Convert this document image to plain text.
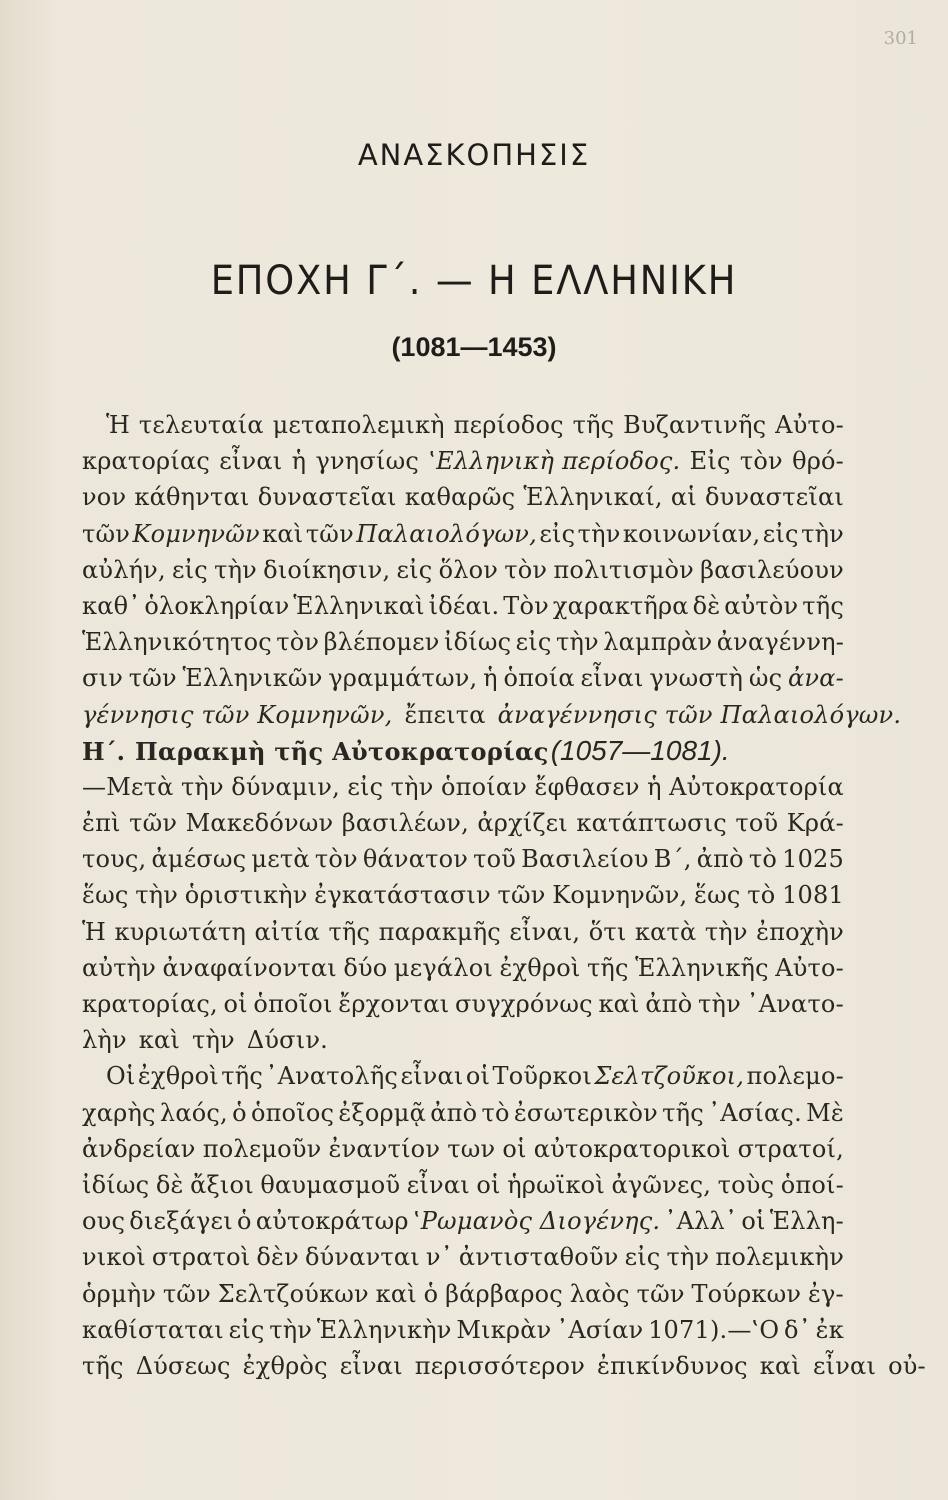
301
ΑΝΑΣΚΟΠΗΣΙΣ
ΕΠΟΧΗ Γ΄. — Η ΕΛΛΗΝΙΚΗ
(1081—1453)
Ἡ τελευταία μεταπολεμικὴ περίοδος τῆς Βυζαντινῆς Αὐτο-
κρατορίας εἶναι ἡ γνησίως ‛Ελληνικὴ περίοδος. Εἰς τὸν θρό-
νον κάθηνται δυναστεῖαι καθαρῶς Ἑλληνικαί, αἱ δυναστεῖαι
τῶν Κομνηνῶν καὶ τῶν Παλαιολόγων, εἰς τὴν κοινωνίαν, εἰς τὴν
αὐλήν, εἰς τὴν διοίκησιν, εἰς ὅλον τὸν πολιτισμὸν βασιλεύουν
καθ᾽ ὁλοκληρίαν Ἑλληνικαὶ ἰδέαι. Τὸν χαρακτῆρα δὲ αὐτὸν τῆς
Ἑλληνικότητος τὸν βλέπομεν ἰδίως εἰς τὴν λαμπρὰν ἀναγέννη-
σιν τῶν Ἑλληνικῶν γραμμάτων, ἡ ὁποία εἶναι γνωστὴ ὡς ἀνα-
γέννησις τῶν Κομνηνῶν, ἔπειτα ἀναγέννησις τῶν Παλαιολόγων.
Η΄. Παρακμὴ τῆς Αὐτοκρατορίας (1057—1081).
—Μετὰ τὴν δύναμιν, εἰς τὴν ὁποίαν ἔφθασεν ἡ Αὐτοκρατορία
ἐπὶ τῶν Μακεδόνων βασιλέων, ἀρχίζει κατάπτωσις τοῦ Κρά-
τους, ἀμέσως μετὰ τὸν θάνατον τοῦ Βασιλείου Β΄, ἀπὸ τὸ 1025
ἕως τὴν ὁριστικὴν ἐγκατάστασιν τῶν Κομνηνῶν, ἕως τὸ 1081
Ἡ κυριωτάτη αἰτία τῆς παρακμῆς εἶναι, ὅτι κατὰ τὴν ἐποχὴν
αὐτὴν ἀναφαίνονται δύο μεγάλοι ἐχθροὶ τῆς Ἑλληνικῆς Αὐτο-
κρατορίας, οἱ ὁποῖοι ἔρχονται συγχρόνως καὶ ἀπὸ τὴν ᾽Ανατο-
λὴν καὶ τὴν Δύσιν.
Οἱ ἐχθροὶ τῆς ᾽Ανατολῆς εἶναι οἱ Τοῦρκοι Σελτζοῦκοι, πολεμο-
χαρὴς λαός, ὁ ὁποῖος ἐξορμᾷ ἀπὸ τὸ ἐσωτερικὸν τῆς ᾽Ασίας. Μὲ
ἀνδρείαν πολεμοῦν ἐναντίον των οἱ αὐτοκρατορικοὶ στρατοί,
ἰδίως δὲ ἄξιοι θαυμασμοῦ εἶναι οἱ ἡρωϊκοὶ ἀγῶνες, τοὺς ὁποί-
ους διεξάγει ὁ αὐτοκράτωρ ‛Ρωμανὸς Διογένης. ᾽Αλλ᾽ οἱ Ἑλλη-
νικοὶ στρατοὶ δὲν δύνανται ν᾽ ἀντισταθοῦν εἰς τὴν πολεμικὴν
ὁρμὴν τῶν Σελτζούκων καὶ ὁ βάρβαρος λαὸς τῶν Τούρκων ἐγ-
καθίσταται εἰς τὴν Ἑλληνικὴν Μικρὰν ᾽Ασίαν 1071).—‛Ο δ᾽ ἐκ
τῆς Δύσεως ἐχθρὸς εἶναι περισσότερον ἐπικίνδυνος καὶ εἶναι οὐ-
